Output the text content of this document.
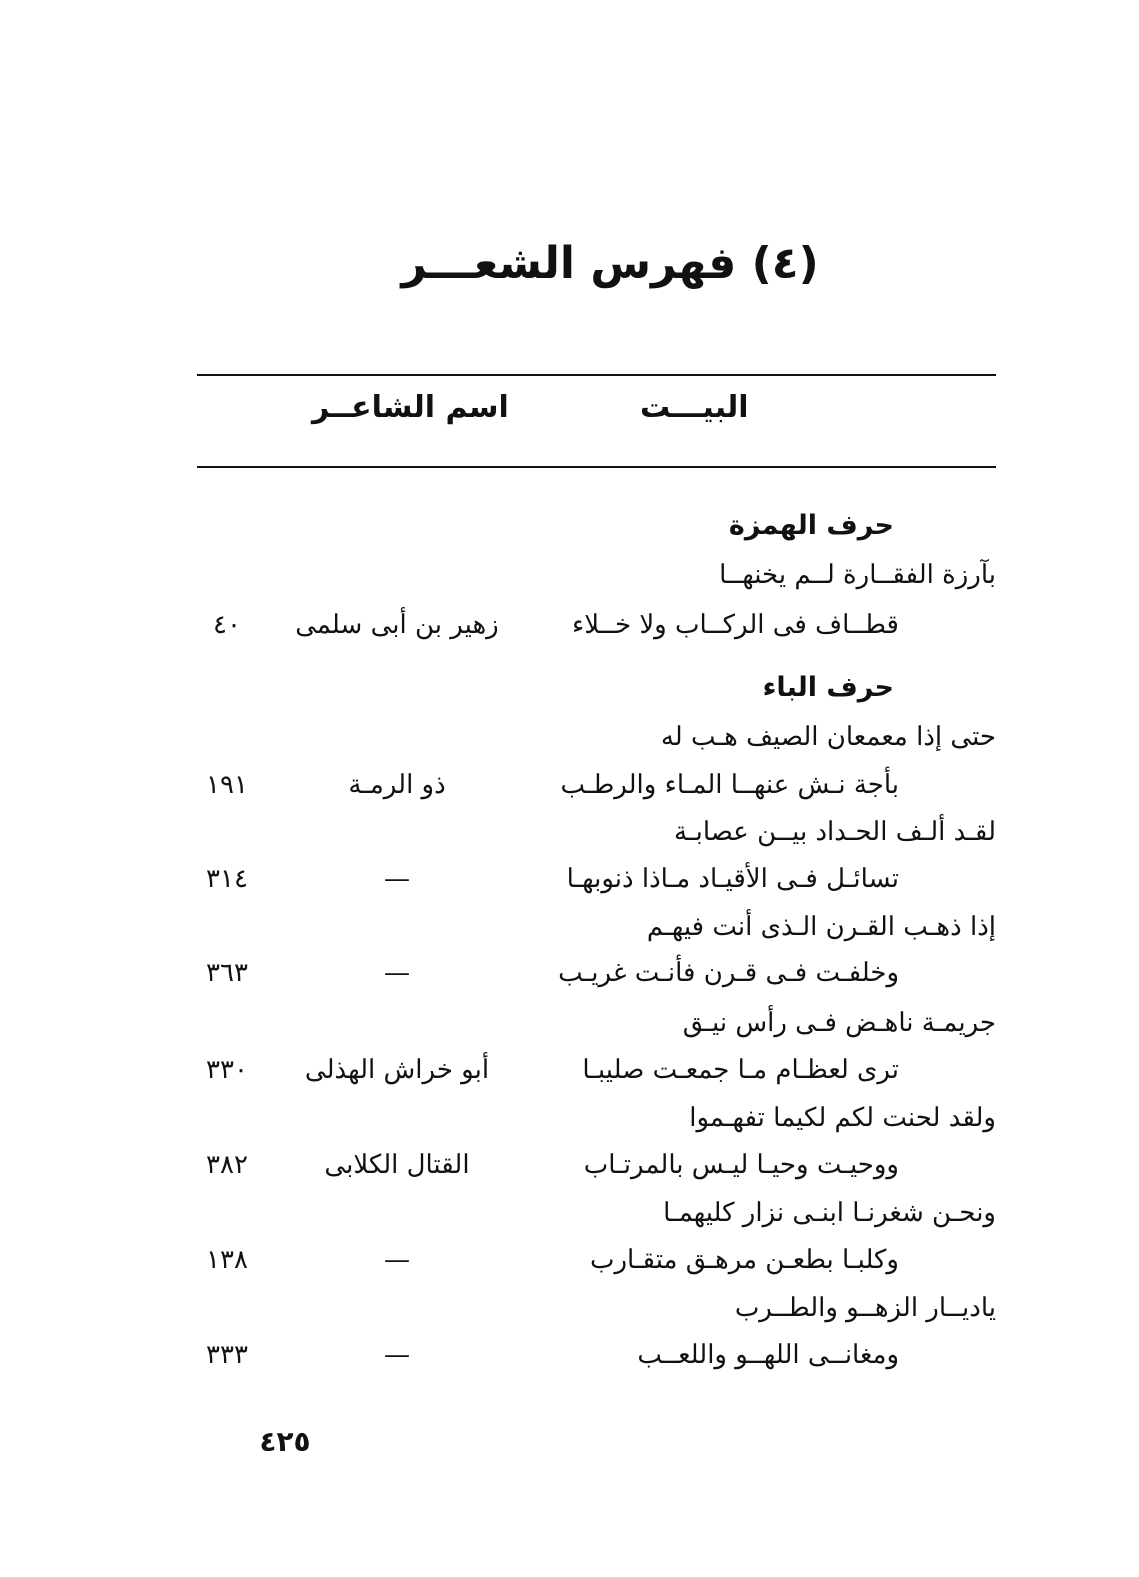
(٤) فهرس الشعـــر
البيـــت
اسم الشاعــر
حرف الهمزة
بآرزة الفقــارة لــم يخنهــا
قطــاف فى الركــاب ولا خــلاء
زهير بن أبى سلمى
٤٠
حرف الباء
حتى إذا معمعان الصيف هـب له
بأجة نـش عنهــا المـاء والرطـب
ذو الرمـة
١٩١
لقـد ألـف الحـداد بيــن عصابـة
تسائـل فـى الأقيـاد مـاذا ذنوبهـا
—
٣١٤
إذا ذهـب القـرن الـذى أنت فيهـم
وخلفـت فـى قـرن فأنـت غريـب
—
٣٦٣
جريمـة ناهـض فـى رأس نيـق
ترى لعظـام مـا جمعـت صليبـا
أبو خراش الهذلى
٣٣٠
ولقد لحنت لكم لكيما تفهـموا
ووحيـت وحيـا ليـس بالمرتـاب
القتال الكلابى
٣٨٢
ونحـن شغرنـا ابنـى نزار كليهمـا
وكلبـا بطعـن مرهـق متقـارب
—
١٣٨
ياديــار الزهــو والطــرب
ومغانــى اللهــو واللعــب
—
٣٣٣
٤٢٥
